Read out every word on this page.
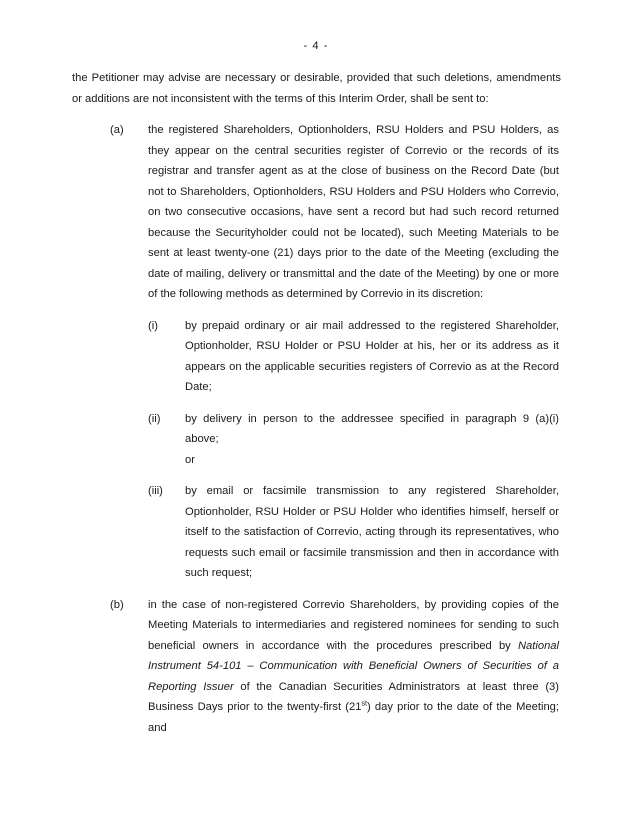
- 4 -
the Petitioner may advise are necessary or desirable, provided that such deletions, amendments
or additions are not inconsistent with the terms of this Interim Order, shall be sent to:
(a)	the registered Shareholders, Optionholders, RSU Holders and PSU Holders, as
they appear on the central securities register of Correvio or the records of its
registrar and transfer agent as at the close of business on the Record Date (but
not to Shareholders, Optionholders, RSU Holders and PSU Holders who Correvio,
on two consecutive occasions, have sent a record but had such record returned
because the Securityholder could not be located), such Meeting Materials to be
sent at least twenty-one (21) days prior to the date of the Meeting (excluding the
date of mailing, delivery or transmittal and the date of the Meeting) by one or more
of the following methods as determined by Correvio in its discretion:
(i)	by prepaid ordinary or air mail addressed to the registered Shareholder,
Optionholder, RSU Holder or PSU Holder at his, her or its address as it
appears on the applicable securities registers of Correvio as at the Record
Date;
(ii)	by delivery in person to the addressee specified in paragraph 9 (a)(i) above;
or
(iii)	by email or facsimile transmission to any registered Shareholder,
Optionholder, RSU Holder or PSU Holder who identifies himself, herself or
itself to the satisfaction of Correvio, acting through its representatives, who
requests such email or facsimile transmission and then in accordance with
such request;
(b)	in the case of non-registered Correvio Shareholders, by providing copies of the
Meeting Materials to intermediaries and registered nominees for sending to such
beneficial owners in accordance with the procedures prescribed by National
Instrument 54-101 – Communication with Beneficial Owners of Securities of a
Reporting Issuer of the Canadian Securities Administrators at least three (3)
Business Days prior to the twenty-first (21st) day prior to the date of the Meeting;
and
